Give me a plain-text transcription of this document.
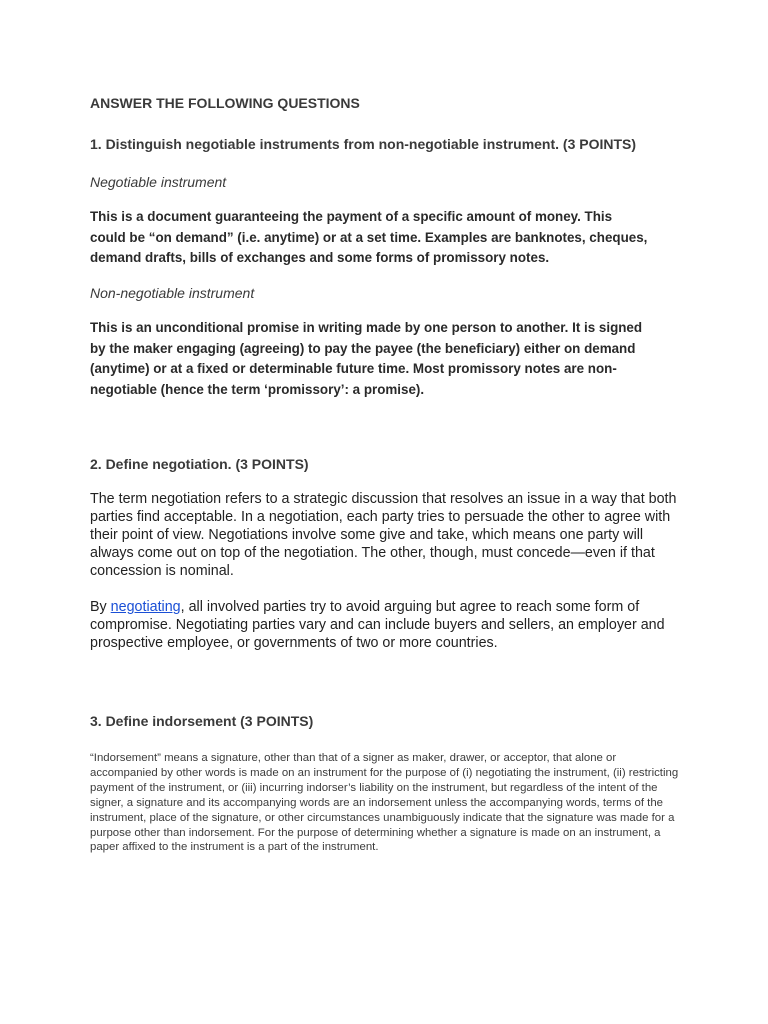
ANSWER THE FOLLOWING QUESTIONS
1. Distinguish negotiable instruments from non-negotiable instrument. (3 POINTS)
Negotiable instrument

This is a document guaranteeing the payment of a specific amount of money. This could be “on demand” (i.e. anytime) or at a set time. Examples are banknotes, cheques, demand drafts, bills of exchanges and some forms of promissory notes.

Non-negotiable instrument

This is an unconditional promise in writing made by one person to another. It is signed by the maker engaging (agreeing) to pay the payee (the beneficiary) either on demand (anytime) or at a fixed or determinable future time. Most promissory notes are non-negotiable (hence the term ‘promissory’: a promise).

2. Define negotiation. (3 POINTS)

The term negotiation refers to a strategic discussion that resolves an issue in a way that both parties find acceptable. In a negotiation, each party tries to persuade the other to agree with their point of view. Negotiations involve some give and take, which means one party will always come out on top of the negotiation. The other, though, must concede—even if that concession is nominal.

By negotiating, all involved parties try to avoid arguing but agree to reach some form of compromise. Negotiating parties vary and can include buyers and sellers, an employer and prospective employee, or governments of two or more countries.

3. Define indorsement (3 POINTS)

“Indorsement” means a signature, other than that of a signer as maker, drawer, or acceptor, that alone or accompanied by other words is made on an instrument for the purpose of (i) negotiating the instrument, (ii) restricting payment of the instrument, or (iii) incurring indorser’s liability on the instrument, but regardless of the intent of the signer, a signature and its accompanying words are an indorsement unless the accompanying words, terms of the instrument, place of the signature, or other circumstances unambiguously indicate that the signature was made for a purpose other than indorsement. For the purpose of determining whether a signature is made on an instrument, a paper affixed to the instrument is a part of the instrument.
